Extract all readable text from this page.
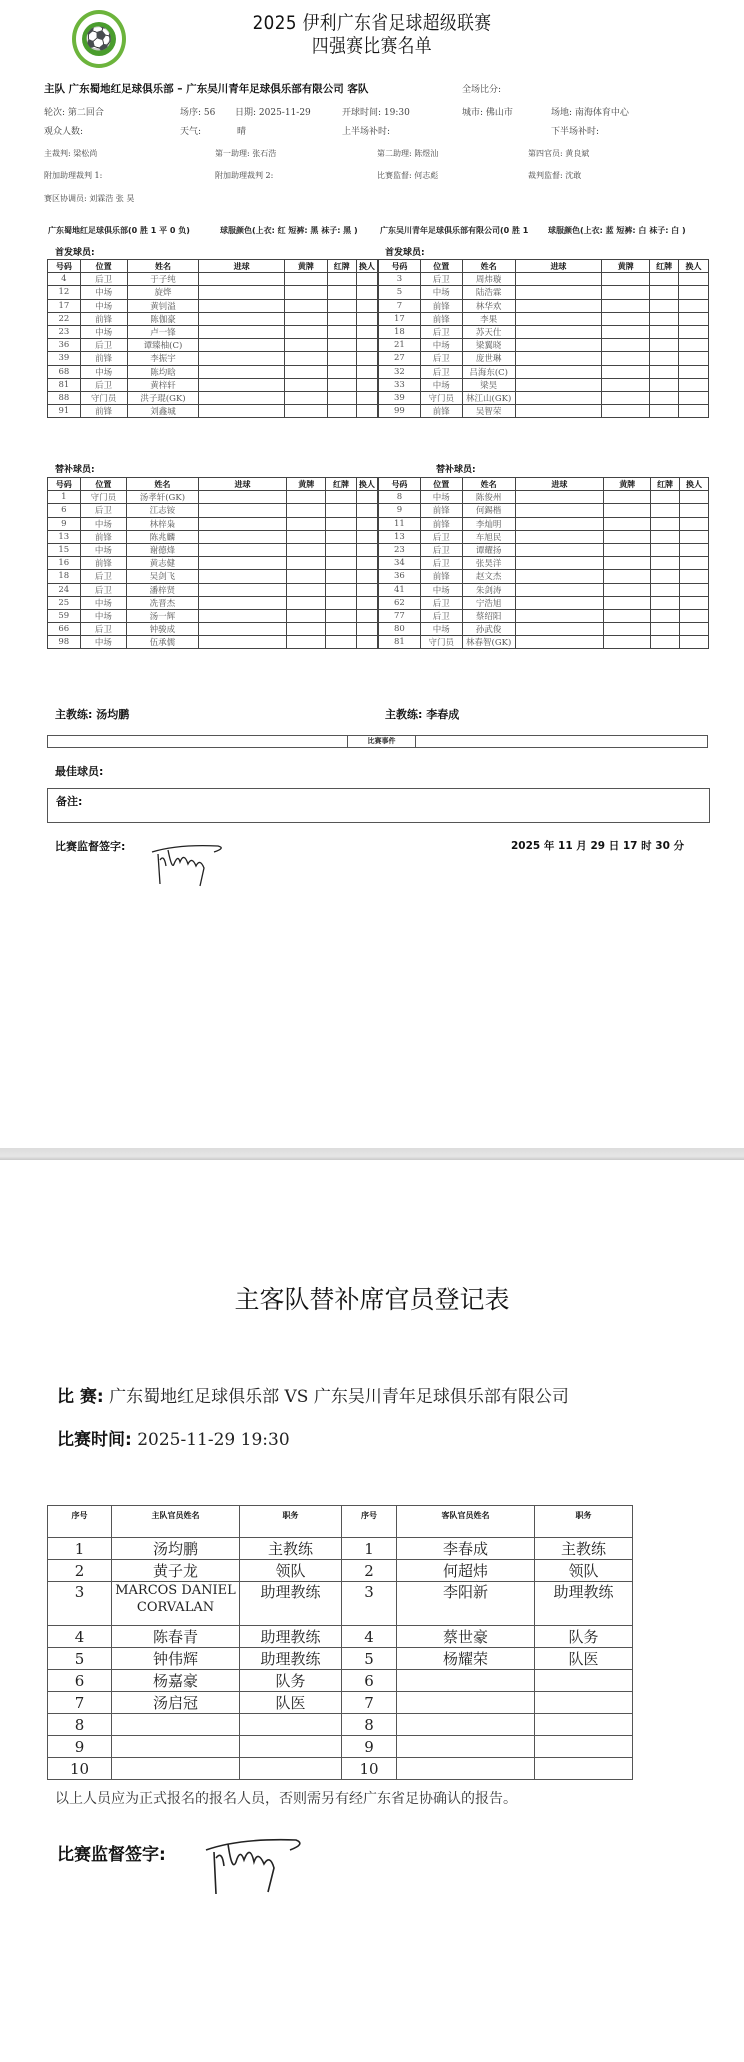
⚽
2025 伊利广东省足球超级联赛
四强赛比赛名单
主队 广东蜀地红足球俱乐部 – 广东吴川青年足球俱乐部有限公司 客队	全场比分:
轮次: 第二回合	场序: 56 日期: 2025-11-29	开球时间: 19:30	城市: 佛山市	场地: 南海体育中心
观众人数:	天气:	晴	上半场补时:	下半场补时:
主裁判: 梁松尚	第一助理: 张石浩	第二助理: 陈煜汕	第四官员: 黄良斌
附加助理裁判 1:	附加助理裁判 2:	比赛监督: 何志彪	裁判监督: 沈敢
赛区协调员: 刘霖浩 张 昊
广东蜀地红足球俱乐部(0 胜 1 平 0 负)	球服颜色(上衣: 红 短裤: 黑 袜子: 黑 )	广东吴川青年足球俱乐部有限公司(0 胜 1 球服颜色(上衣: 蓝 短裤: 白 袜子: 白 )
首发球员:	首发球员:
号码	位置	姓名	进球	黄牌	红牌	换人
4	后卫	于子纯				
12	中场	旋烨				
17	中场	黄钊溢				
22	前锋	陈伽豪				
23	中场	卢一锋				
36	后卫	谭臻柚(C)				
39	前锋	李振宇				
68	中场	陈均晗				
81	后卫	黄梓轩				
88	守门员	洪子琨(GK)				
91	前锋	刘鑫城				
号码	位置	姓名	进球	黄牌	红牌	换人
3	后卫	周炜璇				
5	中场	陆浩霖				
7	前锋	林华欢				
17	前锋	李果				
18	后卫	苏天仕				
21	中场	梁翼晓				
27	后卫	庞世琳				
32	后卫	吕海东(C)				
33	中场	梁昊				
39	守门员	林江山(GK)				
99	前锋	吴智荣				
替补球员:	替补球员:
号码	位置	姓名	进球	黄牌	红牌	换人
1	守门员	汤孝轩(GK)				
6	后卫	江志铵				
9	中场	林梓枭				
13	前锋	陈兆麟				
15	中场	谢德烽				
16	前锋	黄志健				
18	后卫	吴剑飞				
24	后卫	潘梓贤				
25	中场	冼晋杰				
59	中场	汤一辉				
66	后卫	钟骏成				
98	中场	伍承儒				
号码	位置	姓名	进球	黄牌	红牌	换人
8	中场	陈俊州				
9	前锋	何錫楷				
11	前锋	李灿明				
13	后卫	车旭民				
23	后卫	谭耀扬				
34	后卫	张昊洋				
36	前锋	赵文杰				
41	中场	朱剑涛				
62	后卫	宁浩旭				
77	后卫	蔡绍阳				
80	中场	孙武俊				
81	守门员	林春智(GK)				
主教练: 汤均鹏	主教练: 李春成
比赛事件
最佳球员:
备注:
比赛监督签字:	2025 年 11 月 29 日 17 时 30 分
主客队替补席官员登记表
比 赛: 广东蜀地红足球俱乐部 VS 广东吴川青年足球俱乐部有限公司
比赛时间: 2025-11-29 19:30
序号	主队官员姓名	职务	序号	客队官员姓名	职务
1	汤均鹏	主教练	1	李春成	主教练
2	黄子龙	领队	2	何超炜	领队
3	MARCOS DANIEL CORVALAN	助理教练	3	李阳新	助理教练
4	陈春青	助理教练	4	蔡世豪	队务
5	钟伟辉	助理教练	5	杨耀荣	队医
6	杨嘉豪	队务	6		
7	汤启冠	队医	7		
8			8		
9			9		
10			10		
以上人员应为正式报名的报名人员，否则需另有经广东省足协确认的报告。
比赛监督签字:
